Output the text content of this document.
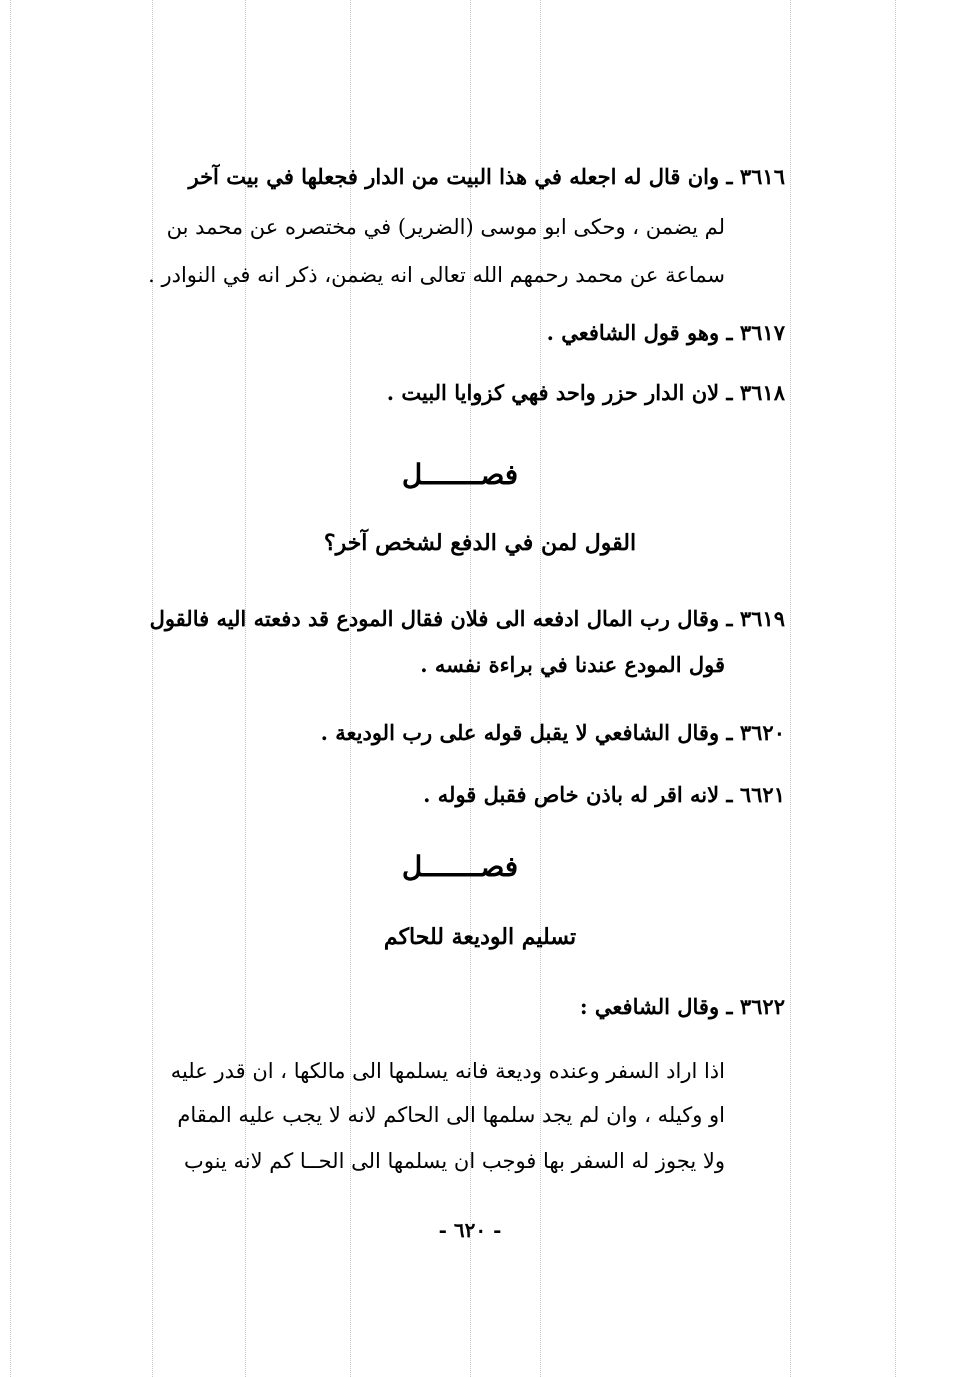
٣٦١٦ ـ وان قال له اجعله في هذا البيت من الدار فجعلها في بيت آخر
لم يضمن ، وحكى ابو موسى (الضرير) في مختصره عن محمد بن
سماعة عن محمد رحمهم الله تعالى انه يضمن، ذكر انه في النوادر .
٣٦١٧ ـ وهو قول الشافعي .
٣٦١٨ ـ لان الدار حزر واحد فهي كزوايا البيت .
فصـــــــل
القول لمن في الدفع لشخص آخر؟
٣٦١٩ ـ وقال رب المال ادفعه الى فلان فقال المودع قد دفعته اليه فالقول
قول المودع عندنا في براءة نفسه .
٣٦٢٠ ـ وقال الشافعي لا يقبل قوله على رب الوديعة .
٦٦٢١ ـ لانه اقر له باذن خاص فقبل قوله .
فصـــــــل
تسليم الوديعة للحاكم
٣٦٢٢ ـ وقال الشافعي :
اذا اراد السفر وعنده وديعة فانه يسلمها الى مالكها ، ان قدر عليه
او وكيله ، وان لم يجد سلمها الى الحاكم لانه لا يجب عليه المقام
ولا يجوز له السفر بها فوجب ان يسلمها الى الحــا كم لانه ينوب
- ٦٢٠ -
